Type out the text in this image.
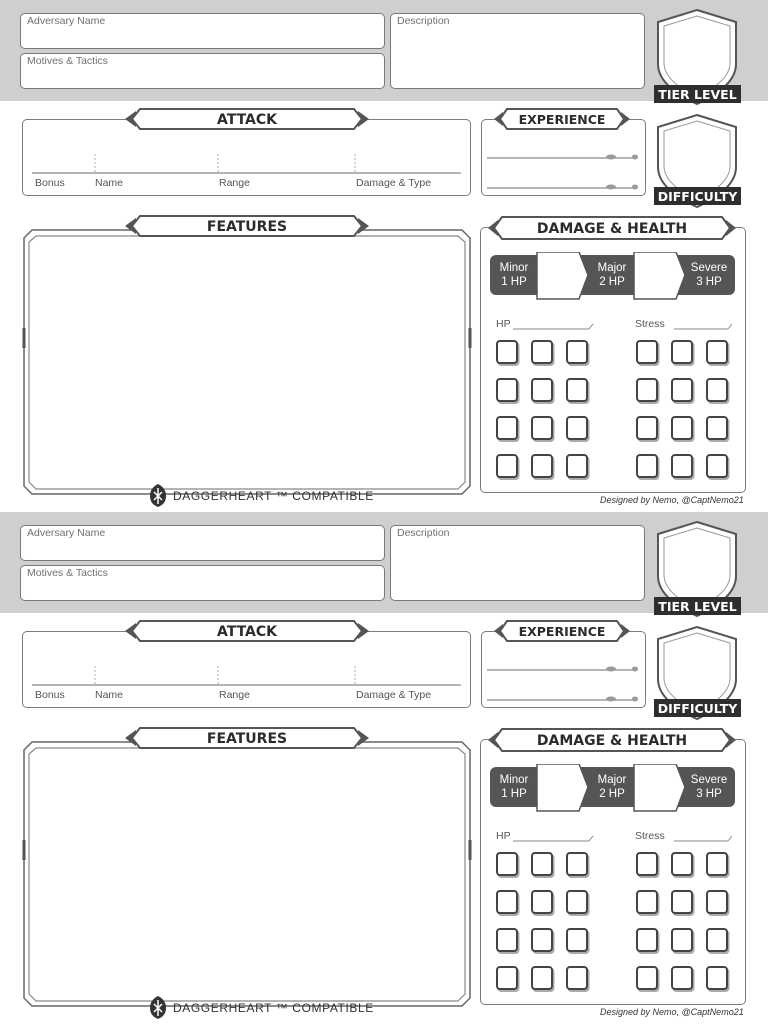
Adversary Name
Motives & Tactics
Description
TIER LEVEL
Bonus	Name	Range	Damage & Type
ATTACK	EXPERIENCE
DIFFICULTY
FEATURES
DAGGERHEART ™ COMPATIBLE
DAMAGE & HEALTH
Minor
1 HP
Major
2 HP
Severe
3 HP
HP	Stress
Designed by Nemo, @CaptNemo21
Adversary Name
Motives & Tactics
Description
TIER LEVEL
Bonus	Name	Range	Damage & Type
ATTACK	EXPERIENCE
DIFFICULTY
FEATURES
DAGGERHEART ™ COMPATIBLE
DAMAGE & HEALTH
Minor
1 HP
Major
2 HP
Severe
3 HP
HP	Stress
Designed by Nemo, @CaptNemo21
